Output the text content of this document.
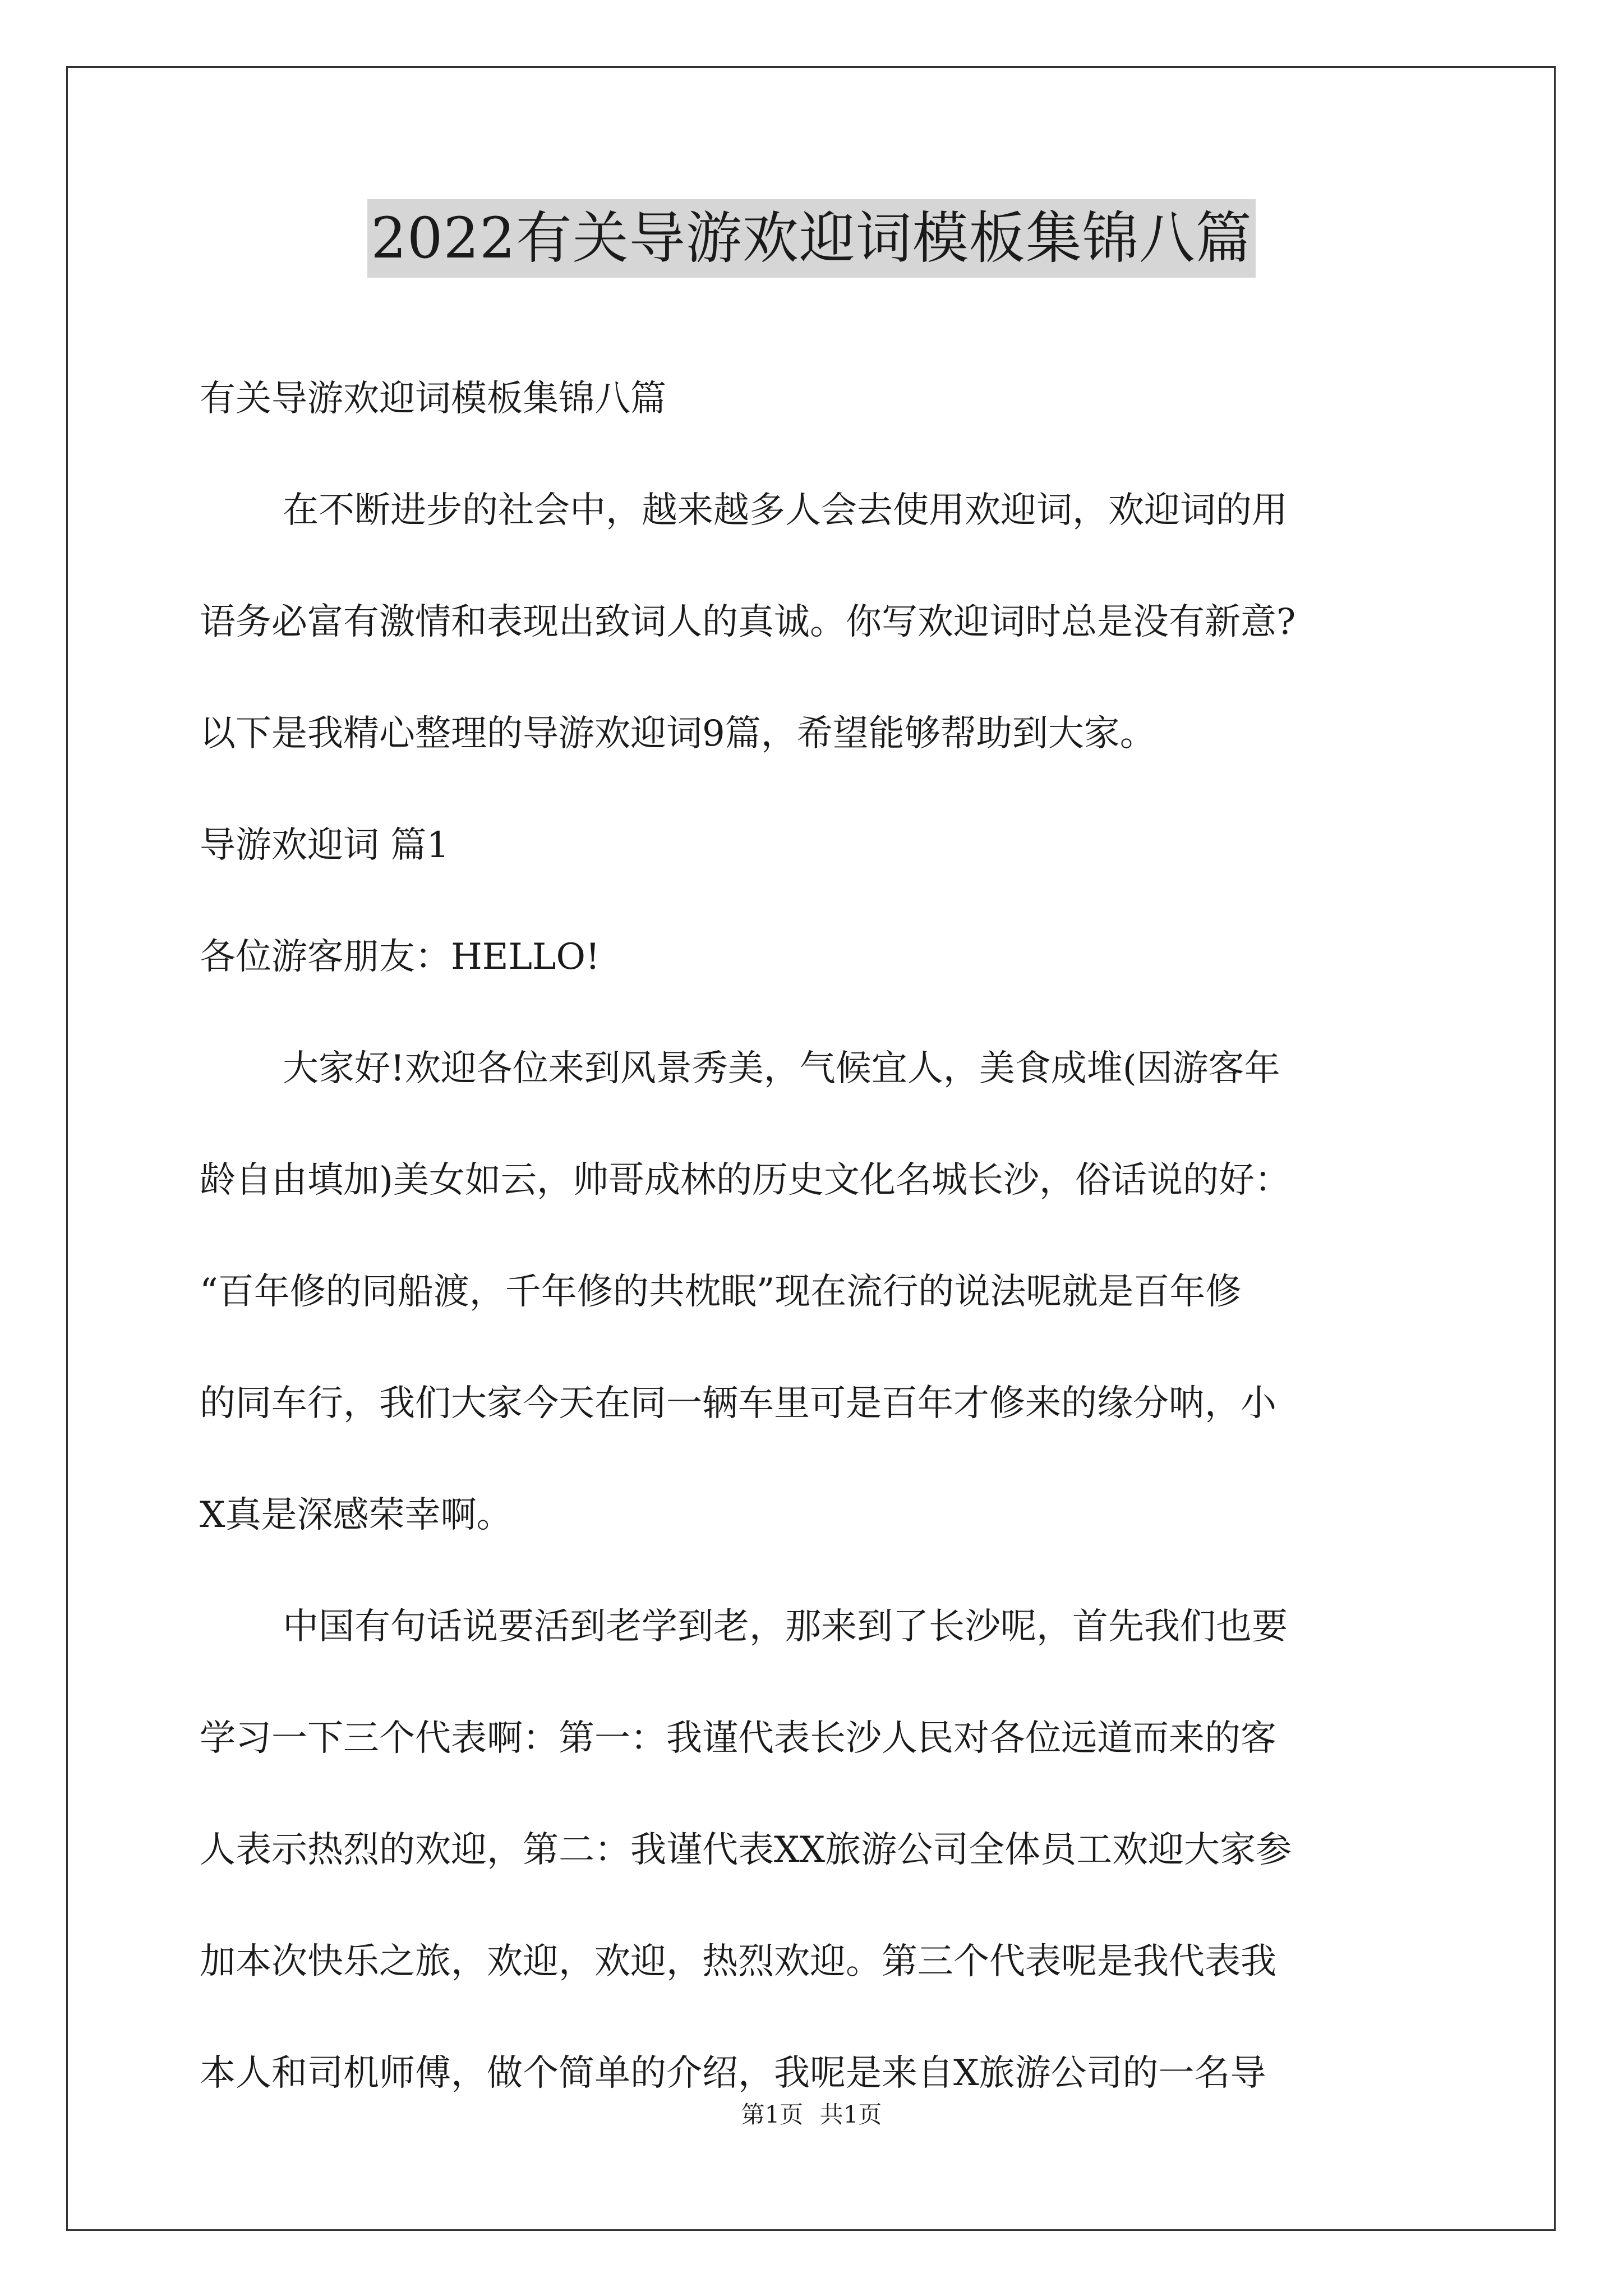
2022有关导游欢迎词模板集锦八篇
有关导游欢迎词模板集锦八篇
在不断进步的社会中，越来越多人会去使用欢迎词，欢迎词的用
语务必富有激情和表现出致词人的真诚。你写欢迎词时总是没有新意?
以下是我精心整理的导游欢迎词9篇，希望能够帮助到大家。
导游欢迎词 篇1
各位游客朋友：HELLO!
大家好!欢迎各位来到风景秀美，气候宜人，美食成堆(因游客年
龄自由填加)美女如云，帅哥成林的历史文化名城长沙，俗话说的好：
“百年修的同船渡，千年修的共枕眠”现在流行的说法呢就是百年修
的同车行，我们大家今天在同一辆车里可是百年才修来的缘分呐，小
X真是深感荣幸啊。
中国有句话说要活到老学到老，那来到了长沙呢，首先我们也要
学习一下三个代表啊：第一：我谨代表长沙人民对各位远道而来的客
人表示热烈的欢迎，第二：我谨代表XX旅游公司全体员工欢迎大家参
加本次快乐之旅，欢迎，欢迎，热烈欢迎。第三个代表呢是我代表我
本人和司机师傅，做个简单的介绍，我呢是来自X旅游公司的一名导
第1页 共1页
